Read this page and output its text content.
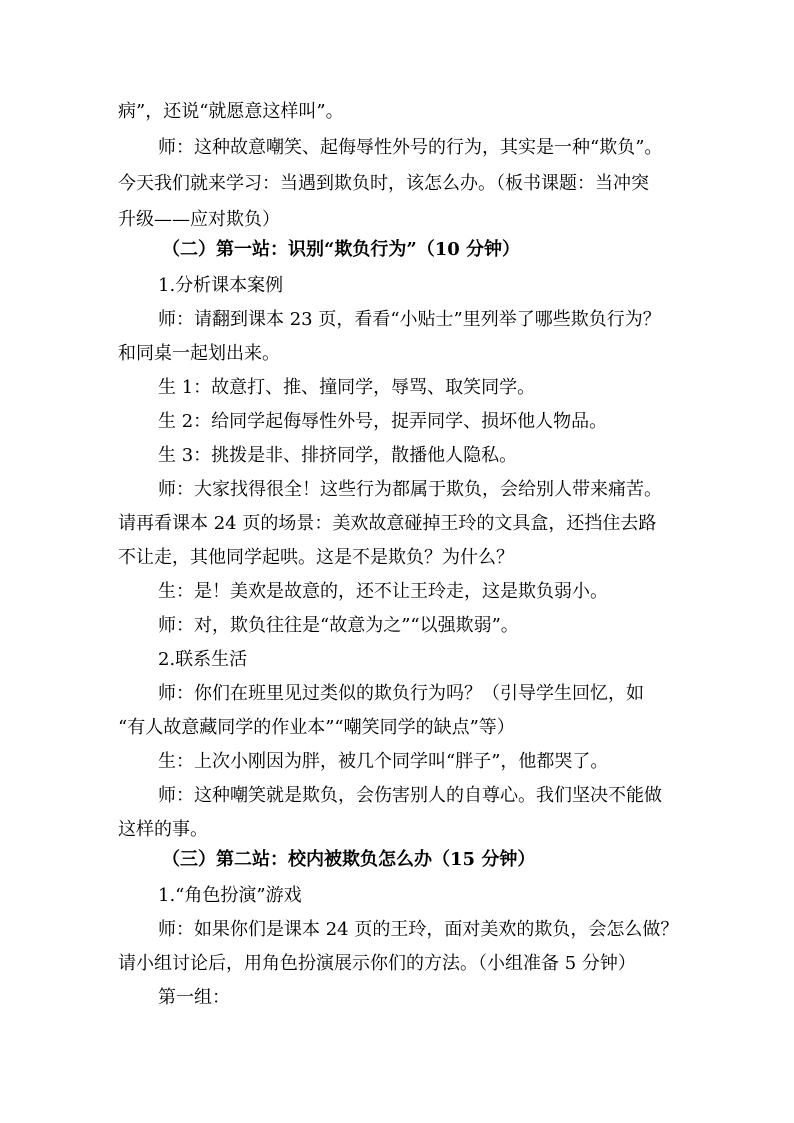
病”，还说“就愿意这样叫”。
师：这种故意嘲笑、起侮辱性外号的行为，其实是一种“欺负”。
今天我们就来学习：当遇到欺负时，该怎么办。（板书课题：当冲突
升级——应对欺负）
（二）第一站：识别“欺负行为”（10 分钟）
1.分析课本案例
师：请翻到课本 23 页，看看“小贴士”里列举了哪些欺负行为？
和同桌一起划出来。
生 1：故意打、推、撞同学，辱骂、取笑同学。
生 2：给同学起侮辱性外号，捉弄同学、损坏他人物品。
生 3：挑拨是非、排挤同学，散播他人隐私。
师：大家找得很全！这些行为都属于欺负，会给别人带来痛苦。
请再看课本 24 页的场景：美欢故意碰掉王玲的文具盒，还挡住去路
不让走，其他同学起哄。这是不是欺负？为什么？
生：是！美欢是故意的，还不让王玲走，这是欺负弱小。
师：对，欺负往往是“故意为之”“以强欺弱”。
2.联系生活
师：你们在班里见过类似的欺负行为吗？（引导学生回忆，如
“有人故意藏同学的作业本”“嘲笑同学的缺点”等）
生：上次小刚因为胖，被几个同学叫“胖子”，他都哭了。
师：这种嘲笑就是欺负，会伤害别人的自尊心。我们坚决不能做
这样的事。
（三）第二站：校内被欺负怎么办（15 分钟）
1.“角色扮演”游戏
师：如果你们是课本 24 页的王玲，面对美欢的欺负，会怎么做？
请小组讨论后，用角色扮演展示你们的方法。（小组准备 5 分钟）
第一组：
